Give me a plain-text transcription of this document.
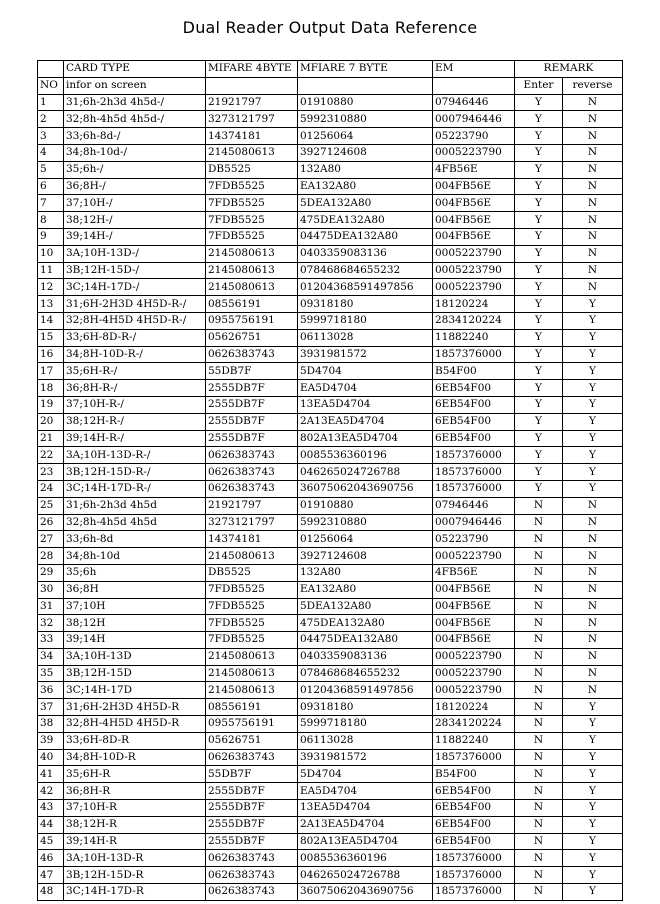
Dual Reader Output Data Reference
	CARD TYPE	MIFARE 4BYTE	MFIARE 7 BYTE	EM	REMARK	
NO	infor on screen				Enter	reverse
1	31;6h-2h3d 4h5d-/	21921797	01910880	07946446	Y	N
2	32;8h-4h5d 4h5d-/	3273121797	5992310880	0007946446	Y	N
3	33;6h-8d-/	14374181	01256064	05223790	Y	N
4	34;8h-10d-/	2145080613	3927124608	0005223790	Y	N
5	35;6h-/	DB5525	132A80	4FB56E	Y	N
6	36;8H-/	7FDB5525	EA132A80	004FB56E	Y	N
7	37;10H-/	7FDB5525	5DEA132A80	004FB56E	Y	N
8	38;12H-/	7FDB5525	475DEA132A80	004FB56E	Y	N
9	39;14H-/	7FDB5525	04475DEA132A80	004FB56E	Y	N
10	3A;10H-13D-/	2145080613	0403359083136	0005223790	Y	N
11	3B;12H-15D-/	2145080613	078468684655232	0005223790	Y	N
12	3C;14H-17D-/	2145080613	01204368591497856	0005223790	Y	N
13	31;6H-2H3D 4H5D-R-/	08556191	09318180	18120224	Y	Y
14	32;8H-4H5D 4H5D-R-/	0955756191	5999718180	2834120224	Y	Y
15	33;6H-8D-R-/	05626751	06113028	11882240	Y	Y
16	34;8H-10D-R-/	0626383743	3931981572	1857376000	Y	Y
17	35;6H-R-/	55DB7F	5D4704	B54F00	Y	Y
18	36;8H-R-/	2555DB7F	EA5D4704	6EB54F00	Y	Y
19	37;10H-R-/	2555DB7F	13EA5D4704	6EB54F00	Y	Y
20	38;12H-R-/	2555DB7F	2A13EA5D4704	6EB54F00	Y	Y
21	39;14H-R-/	2555DB7F	802A13EA5D4704	6EB54F00	Y	Y
22	3A;10H-13D-R-/	0626383743	0085536360196	1857376000	Y	Y
23	3B;12H-15D-R-/	0626383743	046265024726788	1857376000	Y	Y
24	3C;14H-17D-R-/	0626383743	36075062043690756	1857376000	Y	Y
25	31;6h-2h3d 4h5d	21921797	01910880	07946446	N	N
26	32;8h-4h5d 4h5d	3273121797	5992310880	0007946446	N	N
27	33;6h-8d	14374181	01256064	05223790	N	N
28	34;8h-10d	2145080613	3927124608	0005223790	N	N
29	35;6h	DB5525	132A80	4FB56E	N	N
30	36;8H	7FDB5525	EA132A80	004FB56E	N	N
31	37;10H	7FDB5525	5DEA132A80	004FB56E	N	N
32	38;12H	7FDB5525	475DEA132A80	004FB56E	N	N
33	39;14H	7FDB5525	04475DEA132A80	004FB56E	N	N
34	3A;10H-13D	2145080613	0403359083136	0005223790	N	N
35	3B;12H-15D	2145080613	078468684655232	0005223790	N	N
36	3C;14H-17D	2145080613	01204368591497856	0005223790	N	N
37	31;6H-2H3D 4H5D-R	08556191	09318180	18120224	N	Y
38	32;8H-4H5D 4H5D-R	0955756191	5999718180	2834120224	N	Y
39	33;6H-8D-R	05626751	06113028	11882240	N	Y
40	34;8H-10D-R	0626383743	3931981572	1857376000	N	Y
41	35;6H-R	55DB7F	5D4704	B54F00	N	Y
42	36;8H-R	2555DB7F	EA5D4704	6EB54F00	N	Y
43	37;10H-R	2555DB7F	13EA5D4704	6EB54F00	N	Y
44	38;12H-R	2555DB7F	2A13EA5D4704	6EB54F00	N	Y
45	39;14H-R	2555DB7F	802A13EA5D4704	6EB54F00	N	Y
46	3A;10H-13D-R	0626383743	0085536360196	1857376000	N	Y
47	3B;12H-15D-R	0626383743	046265024726788	1857376000	N	Y
48	3C;14H-17D-R	0626383743	36075062043690756	1857376000	N	Y
